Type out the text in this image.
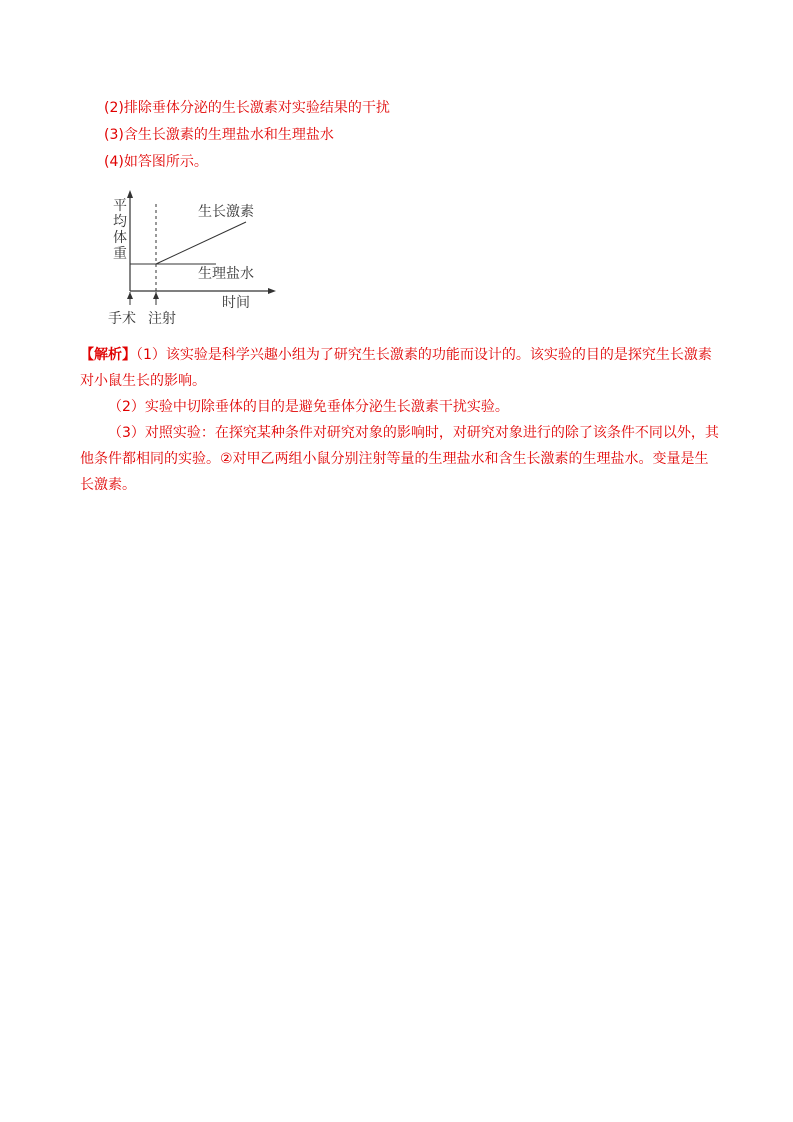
(2)排除垂体分泌的生长激素对实验结果的干扰
(3)含生长激素的生理盐水和生理盐水
(4)如答图所示。
平
均
体
重
生长激素
生理盐水
时间
手术 注射

【解析】（1）该实验是科学兴趣小组为了研究生长激素的功能而设计的。该实验的目的是探究生长激素对小鼠生长的影响。

（2）实验中切除垂体的目的是避免垂体分泌生长激素干扰实验。

（3）对照实验：在探究某种条件对研究对象的影响时，对研究对象进行的除了该条件不同以外，其他条件都相同的实验。②对甲乙两组小鼠分别注射等量的生理盐水和含生长激素的生理盐水。变量是生长激素。
